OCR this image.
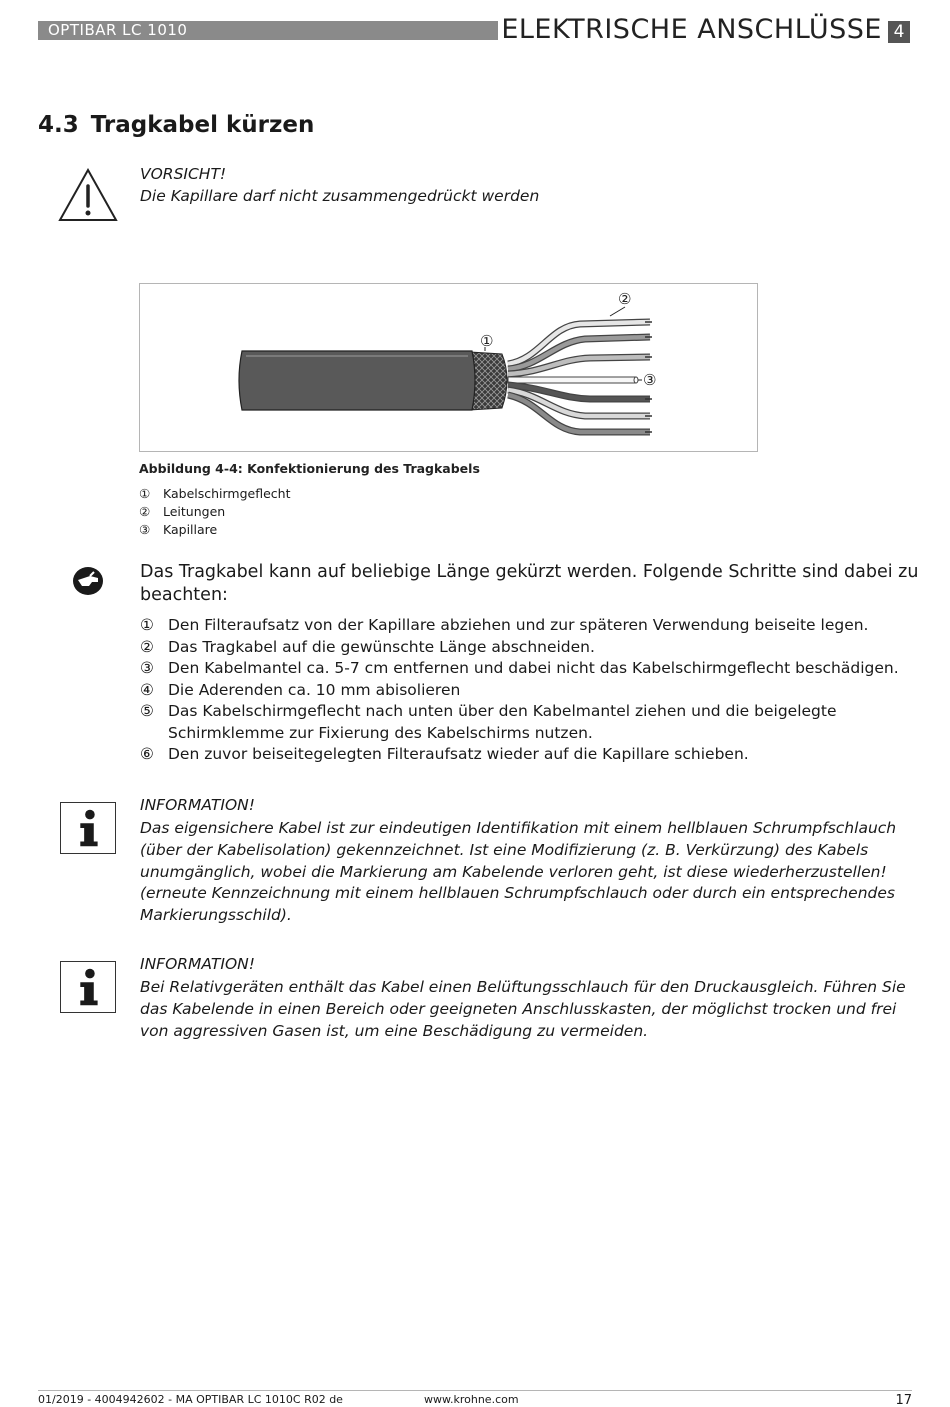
OPTIBAR LC 1010	ELEKTRISCHE ANSCHLÜSSE 4
4.3 Tragkabel kürzen
VORSICHT!
Die Kapillare darf nicht zusammengedrückt werden
①
②
③
Abbildung 4-4: Konfektionierung des Tragkabels
①	Kabelschirmgeflecht
②	Leitungen
③	Kapillare
Das Tragkabel kann auf beliebige Länge gekürzt werden. Folgende Schritte sind dabei zu beachten:
① Den Filteraufsatz von der Kapillare abziehen und zur späteren Verwendung beiseite legen.
② Das Tragkabel auf die gewünschte Länge abschneiden.
③ Den Kabelmantel ca. 5-7 cm entfernen und dabei nicht das Kabelschirmgeflecht beschädigen.
④ Die Aderenden ca. 10 mm abisolieren
⑤ Das Kabelschirmgeflecht nach unten über den Kabelmantel ziehen und die beigelegte Schirmklemme zur Fixierung des Kabelschirms nutzen.
⑥ Den zuvor beiseitegelegten Filteraufsatz wieder auf die Kapillare schieben.
INFORMATION!
Das eigensichere Kabel ist zur eindeutigen Identifikation mit einem hellblauen Schrumpfschlauch (über der Kabelisolation) gekennzeichnet. Ist eine Modifizierung (z. B. Verkürzung) des Kabels unumgänglich, wobei die Markierung am Kabelende verloren geht, ist diese wiederherzustellen! (erneute Kennzeichnung mit einem hellblauen Schrumpfschlauch oder durch ein entsprechendes Markierungsschild).
INFORMATION!
Bei Relativgeräten enthält das Kabel einen Belüftungsschlauch für den Druckausgleich. Führen Sie das Kabelende in einen Bereich oder geeigneten Anschlusskasten, der möglichst trocken und frei von aggressiven Gasen ist, um eine Beschädigung zu vermeiden.
01/2019 - 4004942602 - MA OPTIBAR LC 1010C R02 de	www.krohne.com	17
